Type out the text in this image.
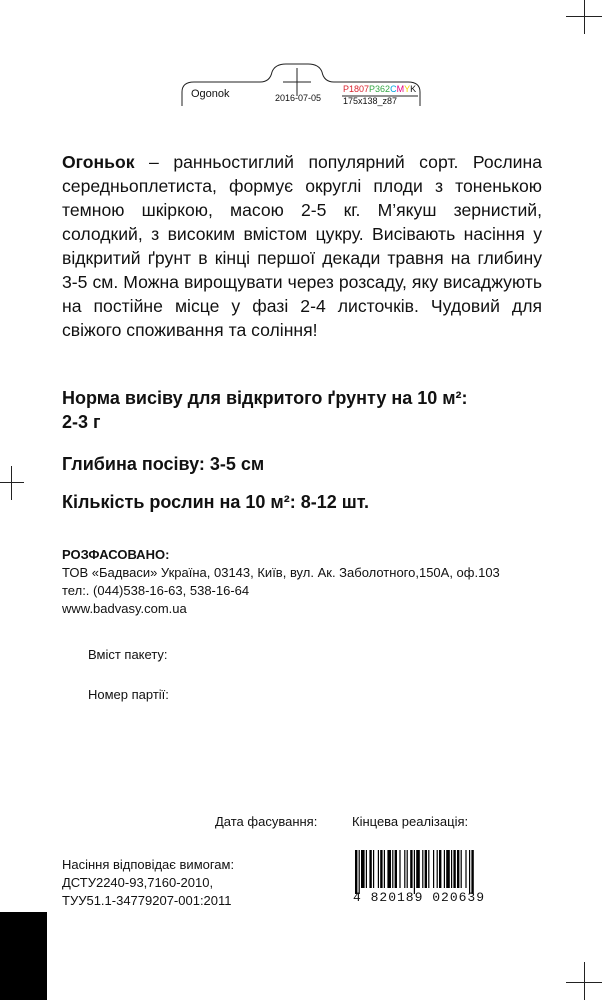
Ogonok	2016-07-05
P1807P362CMYK
175x138_z87

Огоньок – ранньостиглий популярний сорт. Рослина середньоплетиста, формує округлі плоди з тоненькою темною шкіркою, масою 2-5 кг. М’якуш зернистий, солодкий, з високим вмістом цукру. Висівають насіння у відкритий ґрунт в кінці першої декади травня на глибину 3-5 см. Можна вирощувати через розсаду, яку висаджують на постійне місце у фазі 2-4 листочків. Чудовий для свіжого споживання та соління!

Норма висіву для відкритого ґрунту на 10 м²:
2-3 г

Глибина посіву: 3-5 см

Кількість рослин на 10 м²: 8-12 шт.

РОЗФАСОВАНО:
ТОВ «Бадваси» Україна, 03143, Київ, вул. Ак. Заболотного,150А, оф.103
тел:. (044)538-16-63, 538-16-64
www.badvasy.com.ua
Вміст пакету:
Номер партії:
Дата фасування:	Кінцева реалізація:
Насіння відповідає вимогам:
ДСТУ2240-93,7160-2010,
ТУУ51.1-34779207-001:2011	4 820189 020639
